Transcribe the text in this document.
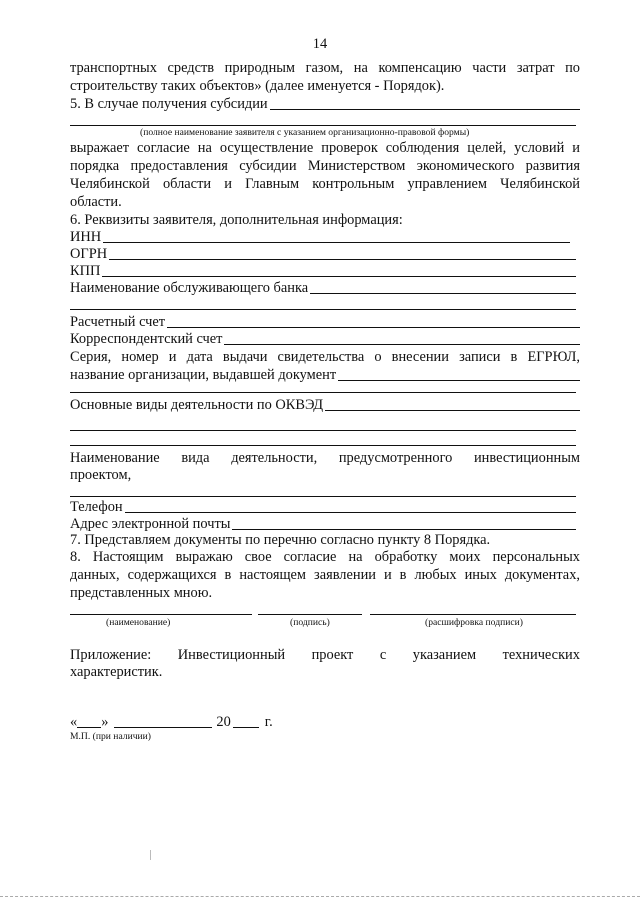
14
транспортных средств природным газом, на компенсацию части затрат по
строительству таких объектов» (далее именуется - Порядок).
5. В случае получения субсидии
(полное наименование заявителя с указанием организационно-правовой формы)
выражает согласие на осуществление проверок соблюдения целей, условий и
порядка предоставления субсидии Министерством экономического развития
Челябинской области и Главным контрольным управлением Челябинской
области.
6. Реквизиты заявителя, дополнительная информация:
ИНН
ОГРН
КПП
Наименование обслуживающего банка
Расчетный счет
Корреспондентский счет
Серия, номер и дата выдачи свидетельства о внесении записи в ЕГРЮЛ,
название организации, выдавшей документ
Основные виды деятельности по ОКВЭД
Наименование вида деятельности, предусмотренного инвестиционным
проектом,
Телефон
Адрес электронной почты
7. Представляем документы по перечню согласно пункту 8 Порядка.
8. Настоящим выражаю свое согласие на обработку моих персональных
данных, содержащихся в настоящем заявлении и в любых иных документах,
представленных мною.
(наименование)	(подпись)	(расшифровка подписи)
Приложение: Инвестиционный проект с указанием технических
характеристик.
« »	20 г.
М.П. (при наличии)
